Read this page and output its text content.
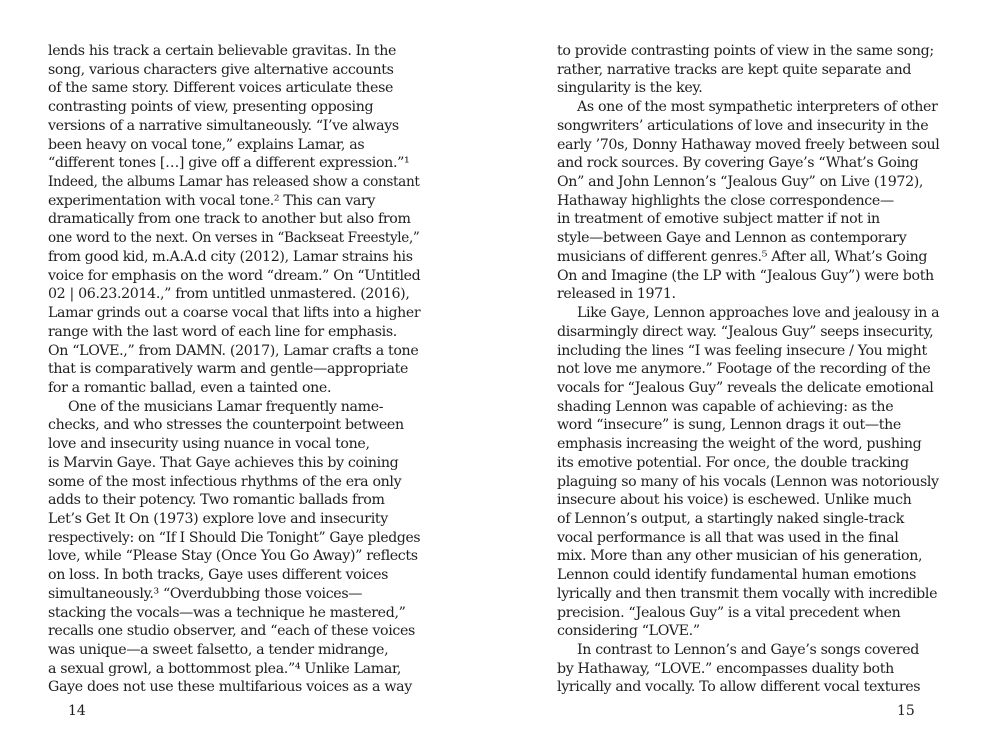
lends his track a certain believable gravitas. In the
song, various characters give alternative accounts
of the same story. Different voices articulate these
contrasting points of view, presenting opposing
versions of a narrative simultaneously. “I’ve always
been heavy on vocal tone,” explains Lamar, as
“different tones […] give off a different expression.”¹
Indeed, the albums Lamar has released show a constant
experimentation with vocal tone.² This can vary
dramatically from one track to another but also from
one word to the next. On verses in “Backseat Freestyle,”
from good kid, m.A.A.d city (2012), Lamar strains his
voice for emphasis on the word “dream.” On “Untitled
02 | 06.23.2014.,” from untitled unmastered. (2016),
Lamar grinds out a coarse vocal that lifts into a higher
range with the last word of each line for emphasis.
On “LOVE.,” from DAMN. (2017), Lamar crafts a tone
that is comparatively warm and gentle—appropriate
for a romantic ballad, even a tainted one.
One of the musicians Lamar frequently name-
checks, and who stresses the counterpoint between
love and insecurity using nuance in vocal tone,
is Marvin Gaye. That Gaye achieves this by coining
some of the most infectious rhythms of the era only
adds to their potency. Two romantic ballads from
Let’s Get It On (1973) explore love and insecurity
respectively: on “If I Should Die Tonight” Gaye pledges
love, while “Please Stay (Once You Go Away)” reflects
on loss. In both tracks, Gaye uses different voices
simultaneously.³ “Overdubbing those voices—
stacking the vocals—was a technique he mastered,”
recalls one studio observer, and “each of these voices
was unique—a sweet falsetto, a tender midrange,
a sexual growl, a bottommost plea.”⁴ Unlike Lamar,
Gaye does not use these multifarious voices as a way
to provide contrasting points of view in the same song;
rather, narrative tracks are kept quite separate and
singularity is the key.
As one of the most sympathetic interpreters of other
songwriters’ articulations of love and insecurity in the
early ’70s, Donny Hathaway moved freely between soul
and rock sources. By covering Gaye’s “What’s Going
On” and John Lennon’s “Jealous Guy” on Live (1972),
Hathaway highlights the close correspondence—
in treatment of emotive subject matter if not in
style—between Gaye and Lennon as contemporary
musicians of different genres.⁵ After all, What’s Going
On and Imagine (the LP with “Jealous Guy”) were both
released in 1971.
Like Gaye, Lennon approaches love and jealousy in a
disarmingly direct way. “Jealous Guy” seeps insecurity,
including the lines “I was feeling insecure / You might
not love me anymore.” Footage of the recording of the
vocals for “Jealous Guy” reveals the delicate emotional
shading Lennon was capable of achieving: as the
word “insecure” is sung, Lennon drags it out—the
emphasis increasing the weight of the word, pushing
its emotive potential. For once, the double tracking
plaguing so many of his vocals (Lennon was notoriously
insecure about his voice) is eschewed. Unlike much
of Lennon’s output, a startingly naked single-track
vocal performance is all that was used in the final
mix. More than any other musician of his generation,
Lennon could identify fundamental human emotions
lyrically and then transmit them vocally with incredible
precision. “Jealous Guy” is a vital precedent when
considering “LOVE.”
In contrast to Lennon’s and Gaye’s songs covered
by Hathaway, “LOVE.” encompasses duality both
lyrically and vocally. To allow different vocal textures
14	15
